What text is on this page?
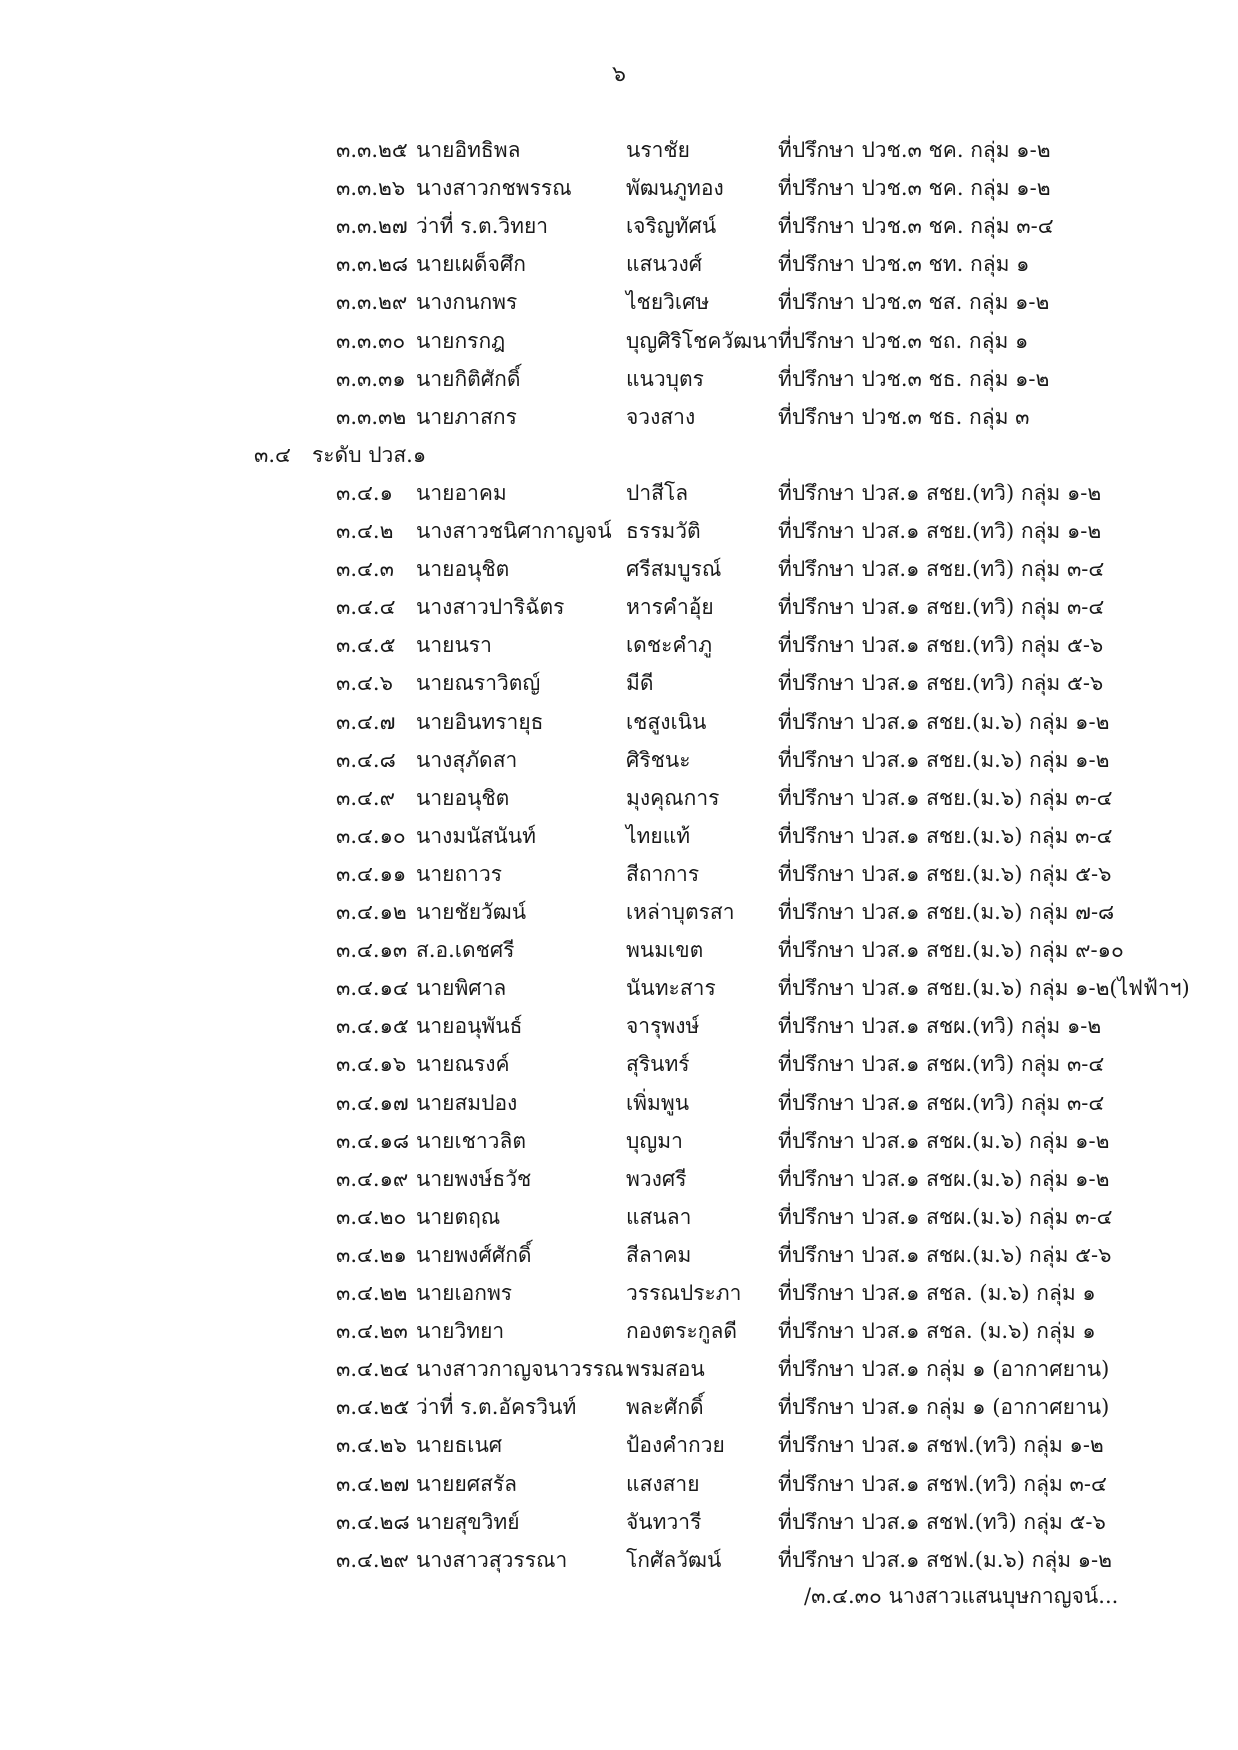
๖
๓.๓.๒๕ นายอิทธิพล	นราชัย	ที่ปรึกษา ปวช.๓ ชค. กลุ่ม ๑-๒
๓.๓.๒๖ นางสาวกชพรรณ	พัฒนภูทอง	ที่ปรึกษา ปวช.๓ ชค. กลุ่ม ๑-๒
๓.๓.๒๗ ว่าที่ ร.ต.วิทยา	เจริญทัศน์	ที่ปรึกษา ปวช.๓ ชค. กลุ่ม ๓-๔
๓.๓.๒๘ นายเผด็จศึก	แสนวงศ์	ที่ปรึกษา ปวช.๓ ชท. กลุ่ม ๑
๓.๓.๒๙ นางกนกพร	ไชยวิเศษ	ที่ปรึกษา ปวช.๓ ชส. กลุ่ม ๑-๒
๓.๓.๓๐ นายกรกฎ	บุญศิริโชควัฒนา ที่ปรึกษา ปวช.๓ ชถ. กลุ่ม ๑
๓.๓.๓๑ นายกิติศักดิ์	แนวบุตร	ที่ปรึกษา ปวช.๓ ชธ. กลุ่ม ๑-๒
๓.๓.๓๒ นายภาสกร	จวงสาง	ที่ปรึกษา ปวช.๓ ชธ. กลุ่ม ๓
๓.๔ ระดับ ปวส.๑
๓.๔.๑ นายอาคม	ปาสีโล	ที่ปรึกษา ปวส.๑ สชย.(ทวิ) กลุ่ม ๑-๒
๓.๔.๒ นางสาวชนิศากาญจน์ ธรรมวัติ	ที่ปรึกษา ปวส.๑ สชย.(ทวิ) กลุ่ม ๑-๒
๓.๔.๓ นายอนุชิต	ศรีสมบูรณ์	ที่ปรึกษา ปวส.๑ สชย.(ทวิ) กลุ่ม ๓-๔
๓.๔.๔ นางสาวปาริฉัตร	หารคำอุ้ย	ที่ปรึกษา ปวส.๑ สชย.(ทวิ) กลุ่ม ๓-๔
๓.๔.๕ นายนรา	เดชะคำภู	ที่ปรึกษา ปวส.๑ สชย.(ทวิ) กลุ่ม ๕-๖
๓.๔.๖ นายณราวิตญ์	มีดี	ที่ปรึกษา ปวส.๑ สชย.(ทวิ) กลุ่ม ๕-๖
๓.๔.๗ นายอินทรายุธ	เชสูงเนิน	ที่ปรึกษา ปวส.๑ สชย.(ม.๖) กลุ่ม ๑-๒
๓.๔.๘ นางสุภัดสา	ศิริชนะ	ที่ปรึกษา ปวส.๑ สชย.(ม.๖) กลุ่ม ๑-๒
๓.๔.๙ นายอนุชิต	มุงคุณการ	ที่ปรึกษา ปวส.๑ สชย.(ม.๖) กลุ่ม ๓-๔
๓.๔.๑๐ นางมนัสนันท์	ไทยแท้	ที่ปรึกษา ปวส.๑ สชย.(ม.๖) กลุ่ม ๓-๔
๓.๔.๑๑ นายถาวร	สีถาการ	ที่ปรึกษา ปวส.๑ สชย.(ม.๖) กลุ่ม ๕-๖
๓.๔.๑๒ นายชัยวัฒน์	เหล่าบุตรสา ที่ปรึกษา ปวส.๑ สชย.(ม.๖) กลุ่ม ๗-๘
๓.๔.๑๓ ส.อ.เดชศรี	พนมเขต	ที่ปรึกษา ปวส.๑ สชย.(ม.๖) กลุ่ม ๙-๑๐
๓.๔.๑๔ นายพิศาล	นันทะสาร	ที่ปรึกษา ปวส.๑ สชย.(ม.๖) กลุ่ม ๑-๒(ไฟฟ้าฯ)
๓.๔.๑๕ นายอนุพันธ์	จารุพงษ์	ที่ปรึกษา ปวส.๑ สชผ.(ทวิ) กลุ่ม ๑-๒
๓.๔.๑๖ นายณรงค์	สุรินทร์	ที่ปรึกษา ปวส.๑ สชผ.(ทวิ) กลุ่ม ๓-๔
๓.๔.๑๗ นายสมปอง	เพิ่มพูน	ที่ปรึกษา ปวส.๑ สชผ.(ทวิ) กลุ่ม ๓-๔
๓.๔.๑๘ นายเชาวลิต	บุญมา	ที่ปรึกษา ปวส.๑ สชผ.(ม.๖) กลุ่ม ๑-๒
๓.๔.๑๙ นายพงษ์ธวัช	พวงศรี	ที่ปรึกษา ปวส.๑ สชผ.(ม.๖) กลุ่ม ๑-๒
๓.๔.๒๐ นายตฤณ	แสนลา	ที่ปรึกษา ปวส.๑ สชผ.(ม.๖) กลุ่ม ๓-๔
๓.๔.๒๑ นายพงศ์ศักดิ์	สีลาคม	ที่ปรึกษา ปวส.๑ สชผ.(ม.๖) กลุ่ม ๕-๖
๓.๔.๒๒ นายเอกพร	วรรณประภา ที่ปรึกษา ปวส.๑ สชล. (ม.๖) กลุ่ม ๑
๓.๔.๒๓ นายวิทยา	กองตระกูลดี ที่ปรึกษา ปวส.๑ สชล. (ม.๖) กลุ่ม ๑
๓.๔.๒๔ นางสาวกาญจนาวรรณ พรมสอน	ที่ปรึกษา ปวส.๑ กลุ่ม ๑ (อากาศยาน)
๓.๔.๒๕ ว่าที่ ร.ต.อัครวินท์ พละศักดิ์	ที่ปรึกษา ปวส.๑ กลุ่ม ๑ (อากาศยาน)
๓.๔.๒๖ นายธเนศ	ป้องคำกวย	ที่ปรึกษา ปวส.๑ สชฟ.(ทวิ) กลุ่ม ๑-๒
๓.๔.๒๗ นายยศสรัล	แสงสาย	ที่ปรึกษา ปวส.๑ สชฟ.(ทวิ) กลุ่ม ๓-๔
๓.๔.๒๘ นายสุขวิทย์	จันทวารี	ที่ปรึกษา ปวส.๑ สชฟ.(ทวิ) กลุ่ม ๕-๖
๓.๔.๒๙ นางสาวสุวรรณา	โกศัลวัฒน์	ที่ปรึกษา ปวส.๑ สชฟ.(ม.๖) กลุ่ม ๑-๒
/๓.๔.๓๐ นางสาวแสนบุษกาญจน์...
